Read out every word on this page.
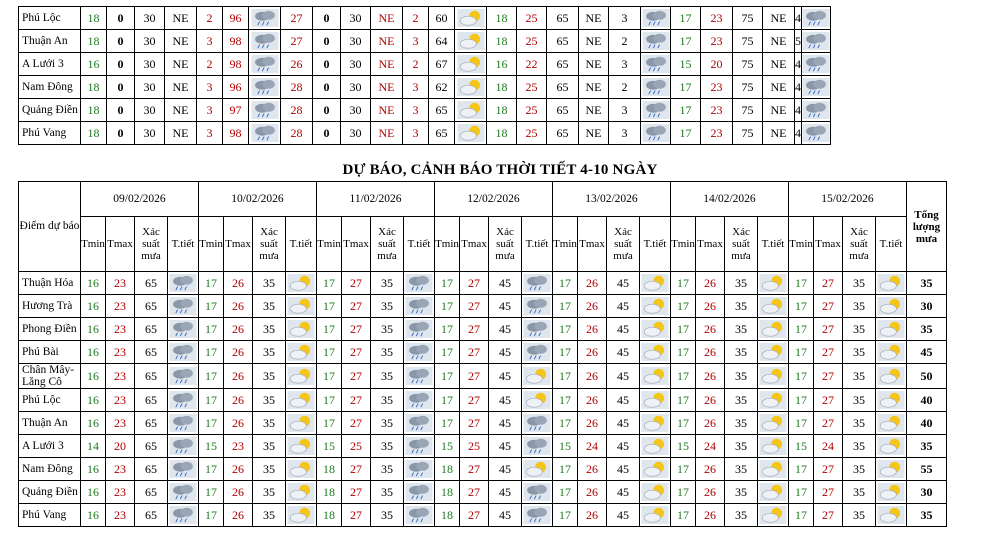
Phú Lộc	18	0	30	NE	2	96		27	0	30	NE	2	60		18	25	65	NE	3		17	23	75	NE	4	

Thuận An	18	0	30	NE	3	98		27	0	30	NE	3	64		18	25	65	NE	2		17	23	75	NE	5	

A Lưới 3	16	0	30	NE	2	98		26	0	30	NE	2	67		16	22	65	NE	3		15	20	75	NE	4	

Nam Đông	18	0	30	NE	3	96		28	0	30	NE	3	62		18	25	65	NE	2		17	23	75	NE	4	

Quảng Điền	18	0	30	NE	3	97		28	0	30	NE	3	65		18	25	65	NE	3		17	23	75	NE	4	

Phú Vang	18	0	30	NE	3	98		28	0	30	NE	3	65		18	25	65	NE	3		17	23	75	NE	4	
DỰ BÁO, CẢNH BÁO THỜI TIẾT 4-10 NGÀY
Điểm dự báo	09/02/2026				10/02/2026				11/02/2026				12/02/2026				13/02/2026				14/02/2026				15/02/2026				Tổng lượng mưa
	Tmin	Tmax	Xác suất mưa	T.tiết	Tmin	Tmax	Xác suất mưa	T.tiết	Tmin	Tmax	Xác suất mưa	T.tiết	Tmin	Tmax	Xác suất mưa	T.tiết	Tmin	Tmax	Xác suất mưa	T.tiết	Tmin	Tmax	Xác suất mưa	T.tiết	Tmin	Tmax	Xác suất mưa	T.tiết	
Thuận Hóa	16	23	65		17	26	35		17	27	35		17	27	45		17	26	45		17	26	35		17	27	35		35
Hương Trà	16	23	65		17	26	35		17	27	35		17	27	45		17	26	45		17	26	35		17	27	35		30
Phong Điền	16	23	65		17	26	35		17	27	35		17	27	45		17	26	45		17	26	35		17	27	35		35
Phú Bài	16	23	65		17	26	35		17	27	35		17	27	45		17	26	45		17	26	35		17	27	35		45
Chân Mây-Lăng Cô	16	23	65		17	26	35		17	27	35		17	27	45		17	26	45		17	26	35		17	27	35		50
Phú Lộc	16	23	65		17	26	35		17	27	35		17	27	45		17	26	45		17	26	35		17	27	35		40
Thuận An	16	23	65		17	26	35		17	27	35		17	27	45		17	26	45		17	26	35		17	27	35		40
A Lưới 3	14	20	65		15	23	35		15	25	35		15	25	45		15	24	45		15	24	35		15	24	35		35
Nam Đông	16	23	65		17	26	35		18	27	35		18	27	45		17	26	45		17	26	35		17	27	35		55
Quảng Điền	16	23	65		17	26	35		18	27	35		18	27	45		17	26	45		17	26	35		17	27	35		30
Phú Vang	16	23	65		17	26	35		18	27	35		18	27	45		17	26	45		17	26	35		17	27	35		35
